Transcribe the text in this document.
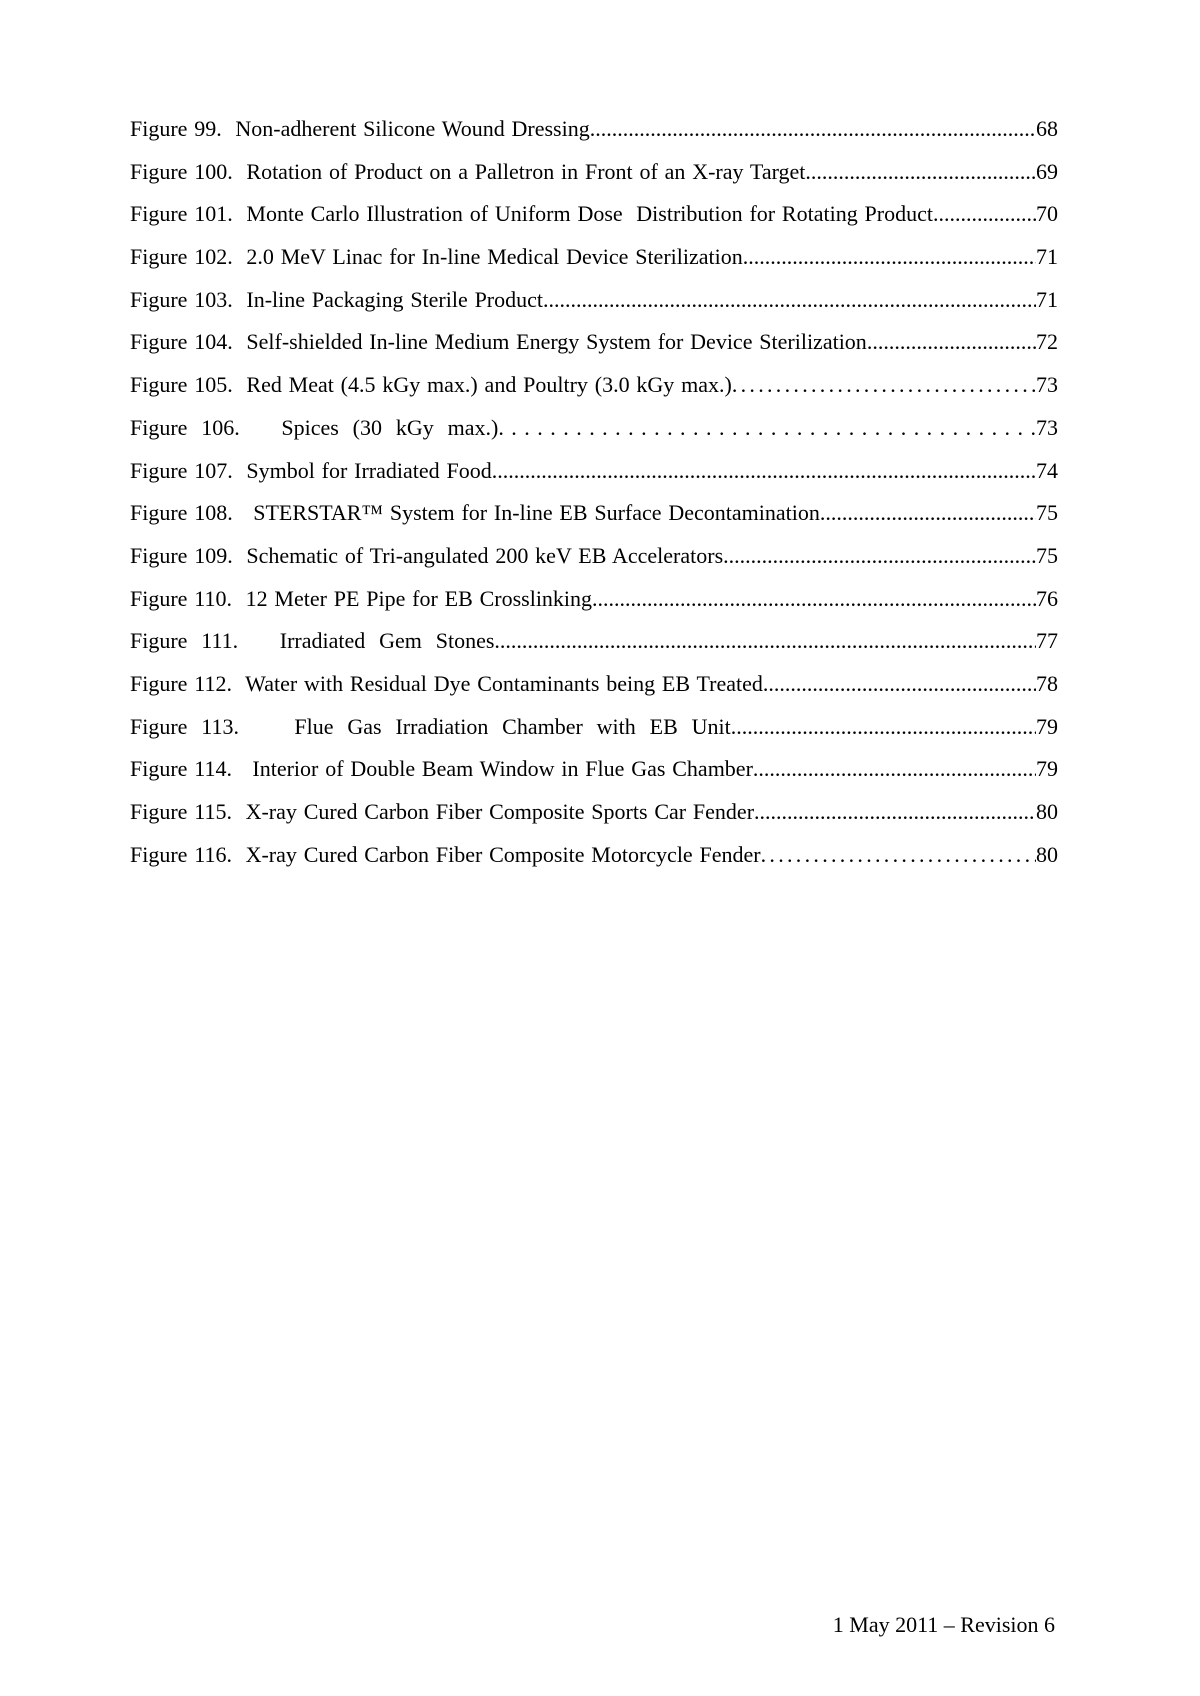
Figure 99.  Non-adherent Silicone Wound Dressing .....	68
Figure 100.  Rotation of Product on a Palletron in Front of an X-ray Target .....	69
Figure 101.  Monte Carlo Illustration of Uniform Dose  Distribution for Rotating Product .....	70
Figure 102.  2.0 MeV Linac for In-line Medical Device Sterilization .....	71
Figure 103.  In-line Packaging Sterile Product .....	71
Figure 104.  Self-shielded In-line Medium Energy System for Device Sterilization .....	72
Figure 105.  Red Meat (4.5 kGy max.) and Poultry (3.0 kGy max.) .....	73
Figure 106.   Spices (30 kGy max.) .....	73
Figure 107.  Symbol for Irradiated Food .....	74
Figure 108.   STERSTAR™ System for In-line EB Surface Decontamination .....	75
Figure 109.  Schematic of Tri-angulated 200 keV EB Accelerators .....	75
Figure 110.  12 Meter PE Pipe for EB Crosslinking .....	76
Figure 111.   Irradiated Gem Stones .....	77
Figure 112.  Water with Residual Dye Contaminants being EB Treated .....	78
Figure 113.    Flue Gas Irradiation Chamber with EB Unit .....	79
Figure 114.   Interior of Double Beam Window in Flue Gas Chamber .....	79
Figure 115.  X-ray Cured Carbon Fiber Composite Sports Car Fender .....	80
Figure 116.  X-ray Cured Carbon Fiber Composite Motorcycle Fender .....	80
1 May 2011 – Revision 6
